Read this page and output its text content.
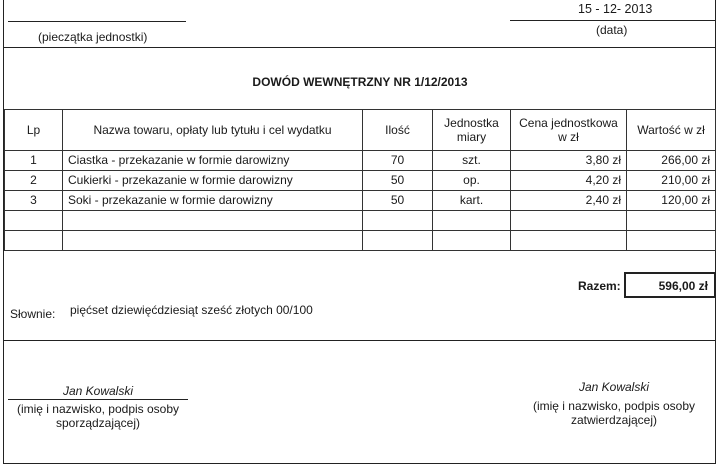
15 - 12- 2013
(pieczątka jednostki)	(data)
DOWÓD WEWNĘTRZNY NR 1/12/2013
Lp	Nazwa towaru, opłaty lub tytułu i cel wydatku	Ilość	Jednostka miary	Cena jednostkowa w zł	Wartość w zł
1	Ciastka - przekazanie w formie darowizny	70	szt.	3,80 zł	266,00 zł
2	Cukierki - przekazanie w formie darowizny	50	op.	4,20 zł	210,00 zł
3	Soki - przekazanie w formie darowizny	50	kart.	2,40 zł	120,00 zł

Razem:	596,00 zł
Słownie: pięćset dziewięćdziesiąt sześć złotych 00/100
Jan Kowalski
(imię i nazwisko, podpis osoby
sporządzającej)
Jan Kowalski
(imię i nazwisko, podpis osoby
zatwierdzającej)
